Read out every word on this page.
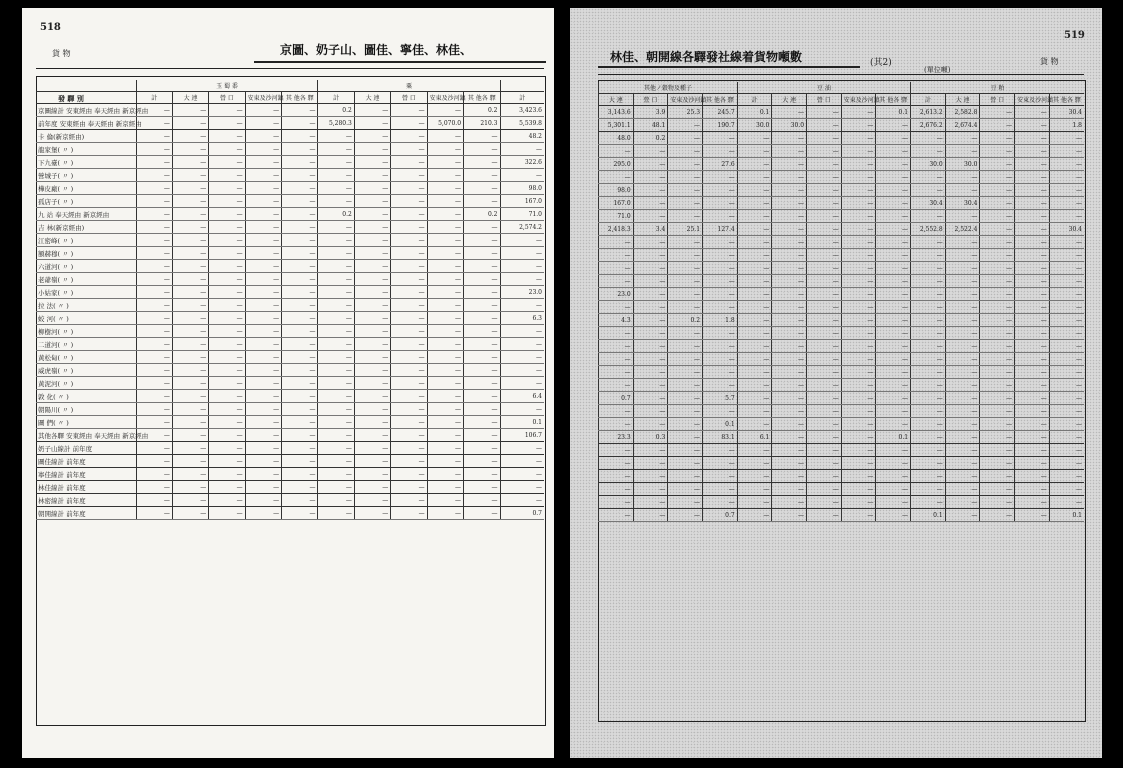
518
貨 物	京圖、奶子山、圖佳、寧佳、林佳、
發 驛 別
	玉 蜀 黍					粟					
	計	大 連	營 口	安東及沙河鎮	其 他各 驛	計	大 連	營 口	安東及沙河鎮	其 他各 驛	計
京圖線計 安東經由 奉天經由 新京經由	—	—	—	—	—	0.2	—	—	—	0.2	3,423.6
前年度 安東經由 奉天經由 新京經由	—	—	—	—	—	5,280.3	—	—	5,070.0	210.3	5,539.8
卡 倫(新京經由)	—	—	—	—	—	—	—	—	—	—	48.2
龍家堡( 〃 )	—	—	—	—	—	—	—	—	—	—	—
下九臺( 〃 )	—	—	—	—	—	—	—	—	—	—	322.6
營城子( 〃 )	—	—	—	—	—	—	—	—	—	—	—
樺皮廠( 〃 )	—	—	—	—	—	—	—	—	—	—	98.0
孤店子( 〃 )	—	—	—	—	—	—	—	—	—	—	167.0
九 站 奉天經由 新京經由	—	—	—	—	—	0.2	—	—	—	0.2	71.0
吉 林(新京經由)	—	—	—	—	—	—	—	—	—	—	2,574.2
江密峰( 〃 )	—	—	—	—	—	—	—	—	—	—	—
額赫穆( 〃 )	—	—	—	—	—	—	—	—	—	—	—
六道河( 〃 )	—	—	—	—	—	—	—	—	—	—	—
老爺嶺( 〃 )	—	—	—	—	—	—	—	—	—	—	—
小姑家( 〃 )	—	—	—	—	—	—	—	—	—	—	23.0
拉 法( 〃 )	—	—	—	—	—	—	—	—	—	—	—
蛟 河( 〃 )	—	—	—	—	—	—	—	—	—	—	6.3
柳樹河( 〃 )	—	—	—	—	—	—	—	—	—	—	—
二道河( 〃 )	—	—	—	—	—	—	—	—	—	—	—
黃松甸( 〃 )	—	—	—	—	—	—	—	—	—	—	—
威虎嶺( 〃 )	—	—	—	—	—	—	—	—	—	—	—
黃泥河( 〃 )	—	—	—	—	—	—	—	—	—	—	—
敦 化( 〃 )	—	—	—	—	—	—	—	—	—	—	6.4
朝陽川( 〃 )	—	—	—	—	—	—	—	—	—	—	—
圖 們( 〃 )	—	—	—	—	—	—	—	—	—	—	0.1
其他各驛 安東經由 奉天經由 新京經由	—	—	—	—	—	—	—	—	—	—	106.7
奶子山線計 前年度	—	—	—	—	—	—	—	—	—	—	—
圖佳線計 前年度	—	—	—	—	—	—	—	—	—	—	—
寧佳線計 前年度	—	—	—	—	—	—	—	—	—	—	—
林佳線計 前年度	—	—	—	—	—	—	—	—	—	—	—
林密線計 前年度	—	—	—	—	—	—	—	—	—	—	—
朝開線計 前年度	—	—	—	—	—	—	—	—	—	—	0.7
519
貨 物
林佳、朝開線各驛發社線着貨物噸數	(其2)
(單位噸)
其他ノ穀物及種子				豆 油					豆 粕				
大 連	營 口	安東及沙河鎮	其 他各 驛	計	大 連	營 口	安東及沙河鎮	其 他各 驛	計	大 連	營 口	安東及沙河鎮	其 他各 驛
3,143.6	3.9	25.3	245.7	0.1	—	—	—	0.1	2,613.2	2,582.8	—	—	30.4
5,301.1	48.1	—	190.7	30.0	30.0	—	—	—	2,676.2	2,674.4	—	—	1.8
48.0	0.2	—	—	—	—	—	—	—	—	—	—	—	—
—	—	—	—	—	—	—	—	—	—	—	—	—	—
295.0	—	—	27.6	—	—	—	—	—	30.0	30.0	—	—	—
—	—	—	—	—	—	—	—	—	—	—	—	—	—
98.0	—	—	—	—	—	—	—	—	—	—	—	—	—
167.0	—	—	—	—	—	—	—	—	30.4	30.4	—	—	—
71.0	—	—	—	—	—	—	—	—	—	—	—	—	—
2,418.3	3.4	25.1	127.4	—	—	—	—	—	2,552.8	2,522.4	—	—	30.4
—	—	—	—	—	—	—	—	—	—	—	—	—	—
—	—	—	—	—	—	—	—	—	—	—	—	—	—
—	—	—	—	—	—	—	—	—	—	—	—	—	—
—	—	—	—	—	—	—	—	—	—	—	—	—	—
23.0	—	—	—	—	—	—	—	—	—	—	—	—	—
—	—	—	—	—	—	—	—	—	—	—	—	—	—
4.3	—	0.2	1.8	—	—	—	—	—	—	—	—	—	—
—	—	—	—	—	—	—	—	—	—	—	—	—	—
—	—	—	—	—	—	—	—	—	—	—	—	—	—
—	—	—	—	—	—	—	—	—	—	—	—	—	—
—	—	—	—	—	—	—	—	—	—	—	—	—	—
—	—	—	—	—	—	—	—	—	—	—	—	—	—
0.7	—	—	5.7	—	—	—	—	—	—	—	—	—	—
—	—	—	—	—	—	—	—	—	—	—	—	—	—
—	—	—	0.1	—	—	—	—	—	—	—	—	—	—
23.3	0.3	—	83.1	6.1	—	—	—	0.1	—	—	—	—	—
—	—	—	—	—	—	—	—	—	—	—	—	—	—
—	—	—	—	—	—	—	—	—	—	—	—	—	—
—	—	—	—	—	—	—	—	—	—	—	—	—	—
—	—	—	—	—	—	—	—	—	—	—	—	—	—
—	—	—	—	—	—	—	—	—	—	—	—	—	—
—	—	—	0.7	—	—	—	—	—	0.1	—	—	—	0.1
